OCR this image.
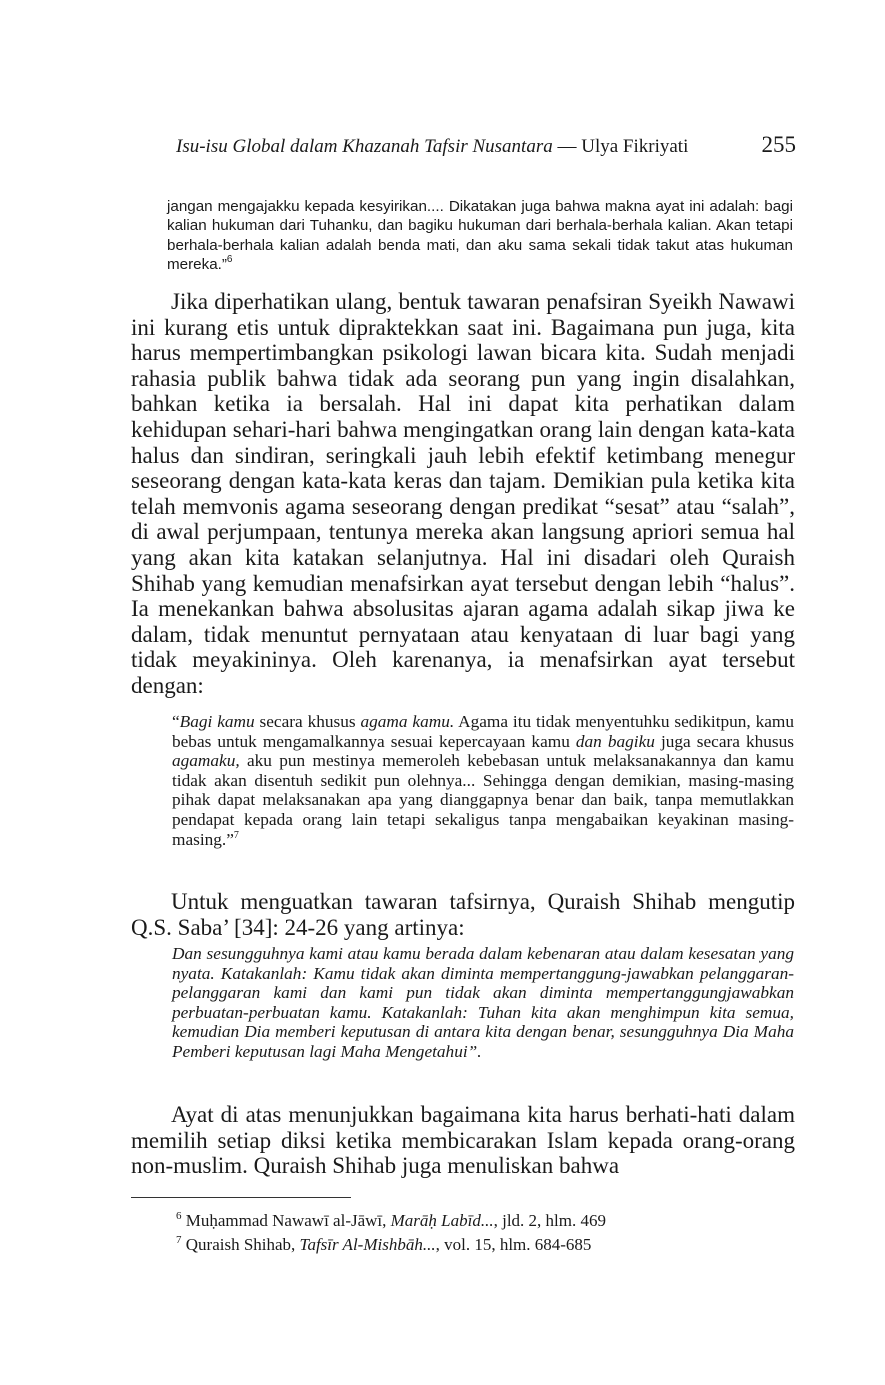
Isu-isu Global dalam Khazanah Tafsir Nusantara — Ulya Fikriyati	255
jangan mengajakku kepada kesyirikan.... Dikatakan juga bahwa makna ayat ini adalah: bagi kalian hukuman dari Tuhanku, dan bagiku hukuman dari berhala-berhala kalian. Akan tetapi berhala-berhala kalian adalah benda mati, dan aku sama sekali tidak takut atas hukuman mereka.”$^6$
Jika diperhatikan ulang, bentuk tawaran penafsiran Syeikh Nawawi ini kurang etis untuk dipraktekkan saat ini. Bagaimana pun juga, kita harus mempertimbangkan psikologi lawan bicara kita. Sudah menjadi rahasia publik bahwa tidak ada seorang pun yang ingin disalahkan, bahkan ketika ia bersalah. Hal ini dapat kita perhatikan dalam kehidupan sehari-hari bahwa mengingatkan orang lain dengan kata-kata halus dan sindiran, seringkali jauh lebih efektif ketimbang menegur seseorang dengan kata-kata keras dan tajam. Demikian pula ketika kita telah memvonis agama seseorang dengan predikat “sesat” atau “salah”, di awal perjumpaan, tentunya mereka akan langsung apriori semua hal yang akan kita katakan selanjutnya. Hal ini disadari oleh Quraish Shihab yang kemudian menafsirkan ayat tersebut dengan lebih “halus”. Ia menekankan bahwa absolusitas ajaran agama adalah sikap jiwa ke dalam, tidak menuntut pernyataan atau kenyataan di luar bagi yang tidak meyakininya. Oleh karenanya, ia menafsirkan ayat tersebut dengan:
“Bagi kamu secara khusus agama kamu. Agama itu tidak menyentuhku sedikitpun, kamu bebas untuk mengamalkannya sesuai kepercayaan kamu dan bagiku juga secara khusus agamaku, aku pun mestinya memeroleh kebebasan untuk melaksanakannya dan kamu tidak akan disentuh sedikit pun olehnya... Sehingga dengan demikian, masing-masing pihak dapat melaksanakan apa yang dianggapnya benar dan baik, tanpa memutlakkan pendapat kepada orang lain tetapi sekaligus tanpa mengabaikan keyakinan masing-masing.”$^7$
Untuk menguatkan tawaran tafsirnya, Quraish Shihab mengutip Q.S. Saba’ [34]: 24-26 yang artinya:
Dan sesungguhnya kami atau kamu berada dalam kebenaran atau dalam kesesatan yang nyata. Katakanlah: Kamu tidak akan diminta mempertanggung-jawabkan pelanggaran-pelanggaran kami dan kami pun tidak akan diminta mempertanggungjawabkan perbuatan-perbuatan kamu. Katakanlah: Tuhan kita akan menghimpun kita semua, kemudian Dia memberi keputusan di antara kita dengan benar, sesungguhnya Dia Maha Pemberi keputusan lagi Maha Mengetahui”.
Ayat di atas menunjukkan bagaimana kita harus berhati-hati dalam memilih setiap diksi ketika membicarakan Islam kepada orang-orang non-muslim. Quraish Shihab juga menuliskan bahwa
$^6$ Muḥammad Nawawī al-Jāwī, Marāḥ Labīd..., jld. 2, hlm. 469
$^7$ Quraish Shihab, Tafsīr Al-Mishbāh..., vol. 15, hlm. 684-685
